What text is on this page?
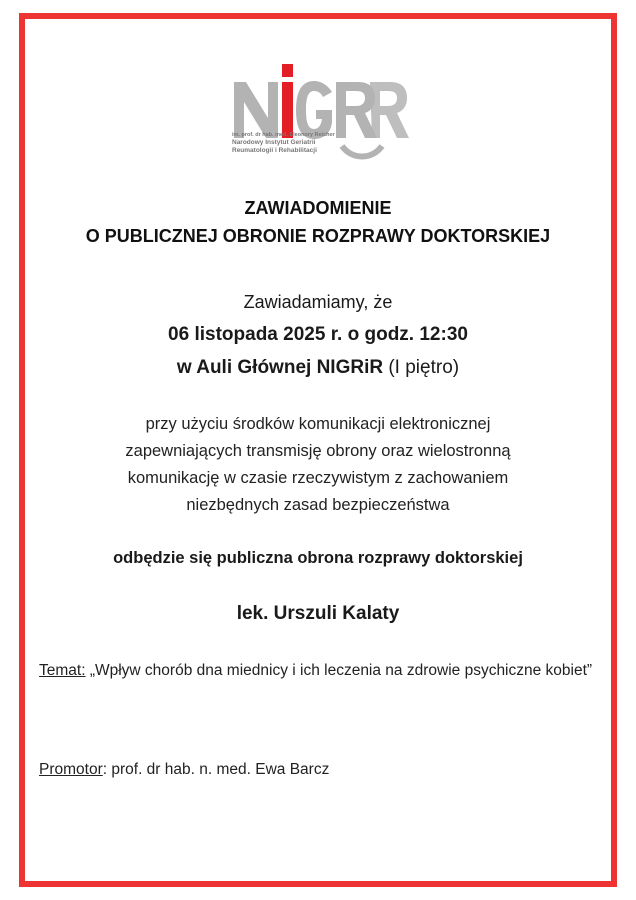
im. prof. dr hab. med. Eleonory Reicher
Narodowy Instytut Geriatrii
Reumatologii i Rehabilitacji
ZAWIADOMIENIE
O PUBLICZNEJ OBRONIE ROZPRAWY DOKTORSKIEJ
Zawiadamiamy, że
06 listopada 2025 r. o godz. 12:30
w Auli Głównej NIGRiR (I piętro)
przy użyciu środków komunikacji elektronicznej
zapewniających transmisję obrony oraz wielostronną
komunikację w czasie rzeczywistym z zachowaniem
niezbędnych zasad bezpieczeństwa
odbędzie się publiczna obrona rozprawy doktorskiej
lek. Urszuli Kalaty
Temat: „Wpływ chorób dna miednicy i ich leczenia na zdrowie psychiczne kobiet”
Promotor: prof. dr hab. n. med. Ewa Barcz
